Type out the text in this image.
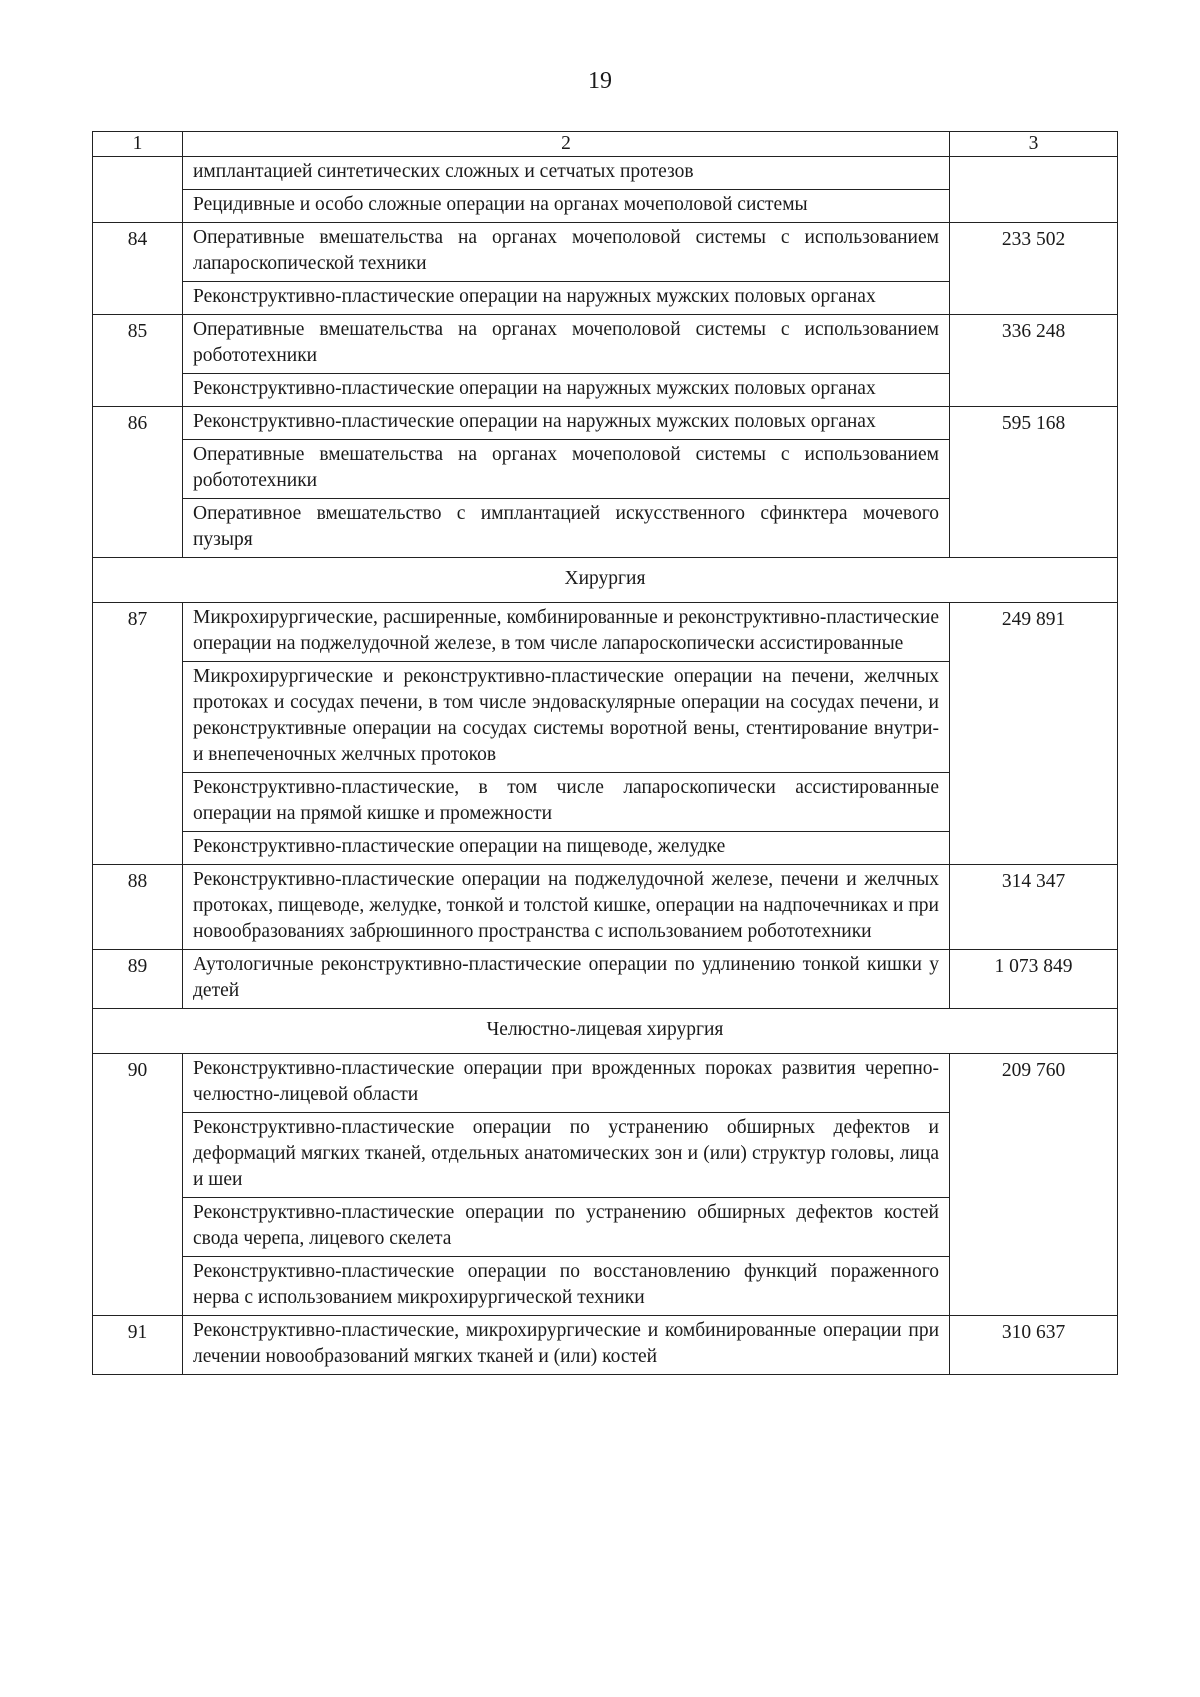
19
1	2	3
	имплантацией синтетических сложных и сетчатых протезов	
	Рецидивные и особо сложные операции на органах мочеполовой системы	
84	Оперативные вмешательства на органах мочеполовой системы с использованием лапароскопической техники	233 502
	Реконструктивно-пластические операции на наружных мужских половых органах	
85	Оперативные вмешательства на органах мочеполовой системы с использованием робототехники	336 248
	Реконструктивно-пластические операции на наружных мужских половых органах	
86	Реконструктивно-пластические операции на наружных мужских половых органах	595 168
	Оперативные вмешательства на органах мочеполовой системы с использованием робототехники	
	Оперативное вмешательство с имплантацией искусственного сфинктера мочевого пузыря	
Хирургия		
87	Микрохирургические, расширенные, комбинированные и реконструктивно-пластические операции на поджелудочной железе, в том числе лапароскопически ассистированные	249 891
	Микрохирургические и реконструктивно-пластические операции на печени, желчных протоках и сосудах печени, в том числе эндоваскулярные операции на сосудах печени, и реконструктивные операции на сосудах системы воротной вены, стентирование внутри- и внепеченочных желчных протоков	
	Реконструктивно-пластические, в том числе лапароскопически ассистированные операции на прямой кишке и промежности	
	Реконструктивно-пластические операции на пищеводе, желудке	
88	Реконструктивно-пластические операции на поджелудочной железе, печени и желчных протоках, пищеводе, желудке, тонкой и толстой кишке, операции на надпочечниках и при новообразованиях забрюшинного пространства с использованием робототехники	314 347
89	Аутологичные реконструктивно-пластические операции по удлинению тонкой кишки у детей	1 073 849
Челюстно-лицевая хирургия		
90	Реконструктивно-пластические операции при врожденных пороках развития черепно-челюстно-лицевой области	209 760
	Реконструктивно-пластические операции по устранению обширных дефектов и деформаций мягких тканей, отдельных анатомических зон и (или) структур головы, лица и шеи	
	Реконструктивно-пластические операции по устранению обширных дефектов костей свода черепа, лицевого скелета	
	Реконструктивно-пластические операции по восстановлению функций пораженного нерва с использованием микрохирургической техники	
91	Реконструктивно-пластические, микрохирургические и комбинированные операции при лечении новообразований мягких тканей и (или) костей	310 637
